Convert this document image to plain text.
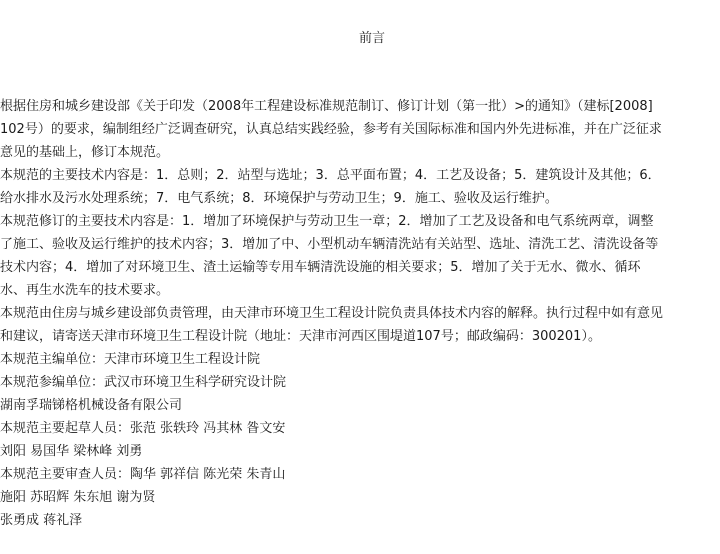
前言
根据住房和城乡建设部《关于印发（2008年工程建设标准规范制订、修订计划（第一批）>的通知》（建标[2008]
102号）的要求，编制组经广泛调查研究，认真总结实践经验，参考有关国际标准和国内外先进标准，并在广泛征求
意见的基础上，修订本规范。
本规范的主要技术内容是：1．总则；2．站型与选址；3．总平面布置；4．工艺及设备；5．建筑设计及其他；6．
给水排水及污水处理系统；7．电气系统；8．环境保护与劳动卫生；9．施工、验收及运行维护。
本规范修订的主要技术内容是：1．增加了环境保护与劳动卫生一章；2．增加了工艺及设备和电气系统两章，调整
了施工、验收及运行维护的技术内容；3．增加了中、小型机动车辆清洗站有关站型、选址、清洗工艺、清洗设备等
技术内容；4．增加了对环境卫生、渣土运输等专用车辆清洗设施的相关要求；5．增加了关于无水、微水、循环
水、再生水洗车的技术要求。
本规范由住房与城乡建设部负责管理，由天津市环境卫生工程设计院负责具体技术内容的解释。执行过程中如有意见
和建议，请寄送天津市环境卫生工程设计院（地址：天津市河西区围堤道107号；邮政编码：300201）。
本规范主编单位：天津市环境卫生工程设计院
本规范参编单位：武汉市环境卫生科学研究设计院
湖南孚瑞锑格机械设备有限公司
本规范主要起草人员：张范 张轶玲 冯其林 昝文安
刘阳 易国华 梁林峰 刘勇
本规范主要审查人员：陶华 郭祥信 陈光荣 朱青山
施阳 苏昭辉 朱东旭 谢为贤
张勇成 蒋礼泽
